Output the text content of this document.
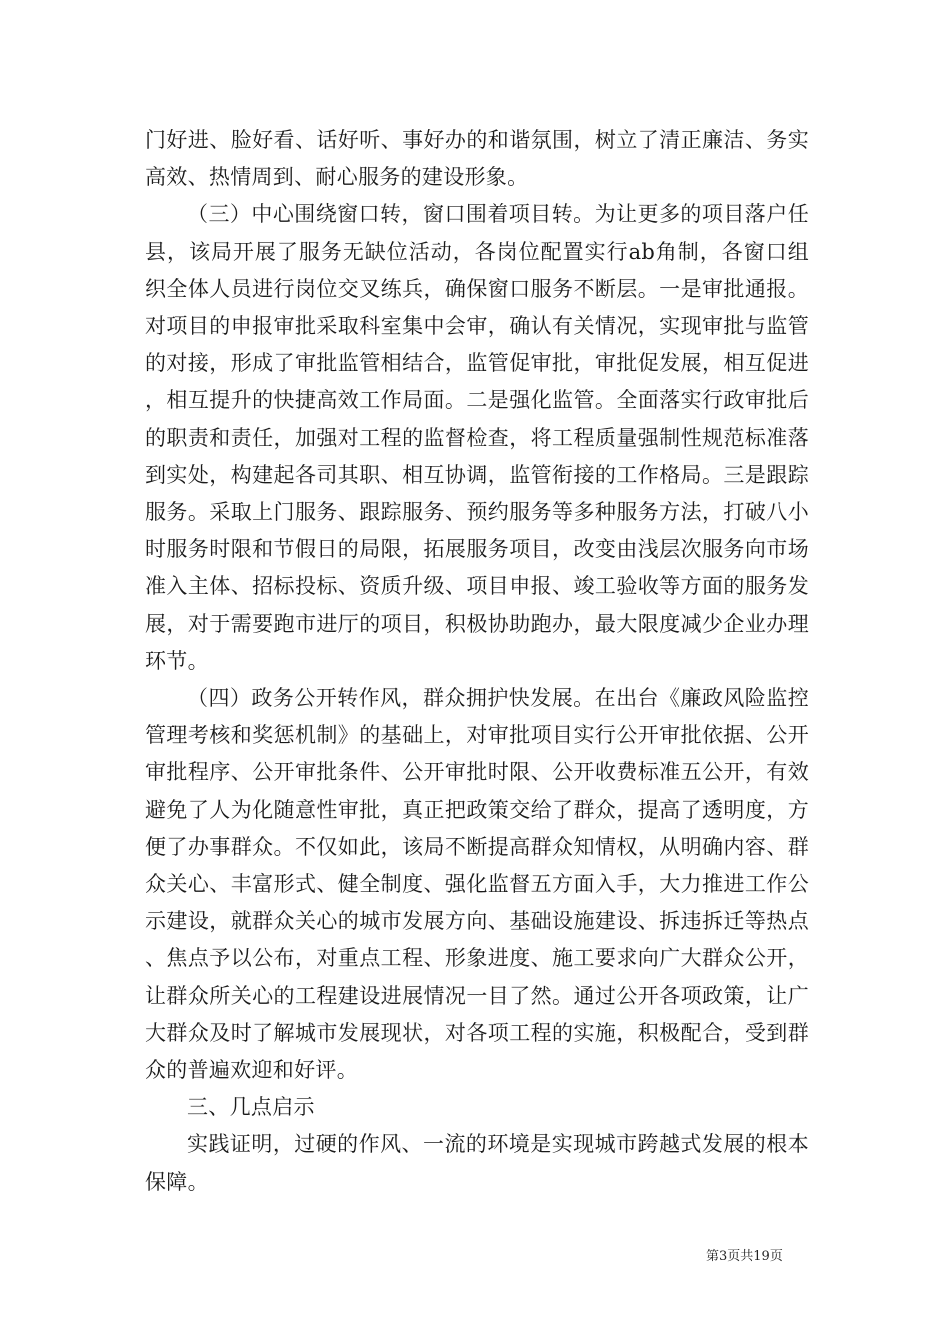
门好进、脸好看、话好听、事好办的和谐氛围，树立了清正廉洁、务实高效、热情周到、耐心服务的建设形象。

（三）中心围绕窗口转，窗口围着项目转。为让更多的项目落户任县，该局开展了服务无缺位活动，各岗位配置实行ab角制，各窗口组织全体人员进行岗位交叉练兵，确保窗口服务不断层。一是审批通报。对项目的申报审批采取科室集中会审，确认有关情况，实现审批与监管的对接，形成了审批监管相结合，监管促审批，审批促发展，相互促进，相互提升的快捷高效工作局面。二是强化监管。全面落实行政审批后的职责和责任，加强对工程的监督检查，将工程质量强制性规范标准落到实处，构建起各司其职、相互协调，监管衔接的工作格局。三是跟踪服务。采取上门服务、跟踪服务、预约服务等多种服务方法，打破八小时服务时限和节假日的局限，拓展服务项目，改变由浅层次服务向市场准入主体、招标投标、资质升级、项目申报、竣工验收等方面的服务发展，对于需要跑市进厅的项目，积极协助跑办，最大限度减少企业办理环节。

（四）政务公开转作风，群众拥护快发展。在出台《廉政风险监控管理考核和奖惩机制》的基础上，对审批项目实行公开审批依据、公开审批程序、公开审批条件、公开审批时限、公开收费标准五公开，有效避免了人为化随意性审批，真正把政策交给了群众，提高了透明度，方便了办事群众。不仅如此，该局不断提高群众知情权，从明确内容、群众关心、丰富形式、健全制度、强化监督五方面入手，大力推进工作公示建设，就群众关心的城市发展方向、基础设施建设、拆违拆迁等热点、焦点予以公布，对重点工程、形象进度、施工要求向广大群众公开，让群众所关心的工程建设进展情况一目了然。通过公开各项政策，让广大群众及时了解城市发展现状，对各项工程的实施，积极配合，受到群众的普遍欢迎和好评。

三、几点启示

实践证明，过硬的作风、一流的环境是实现城市跨越式发展的根本保障。

第3页共19页
